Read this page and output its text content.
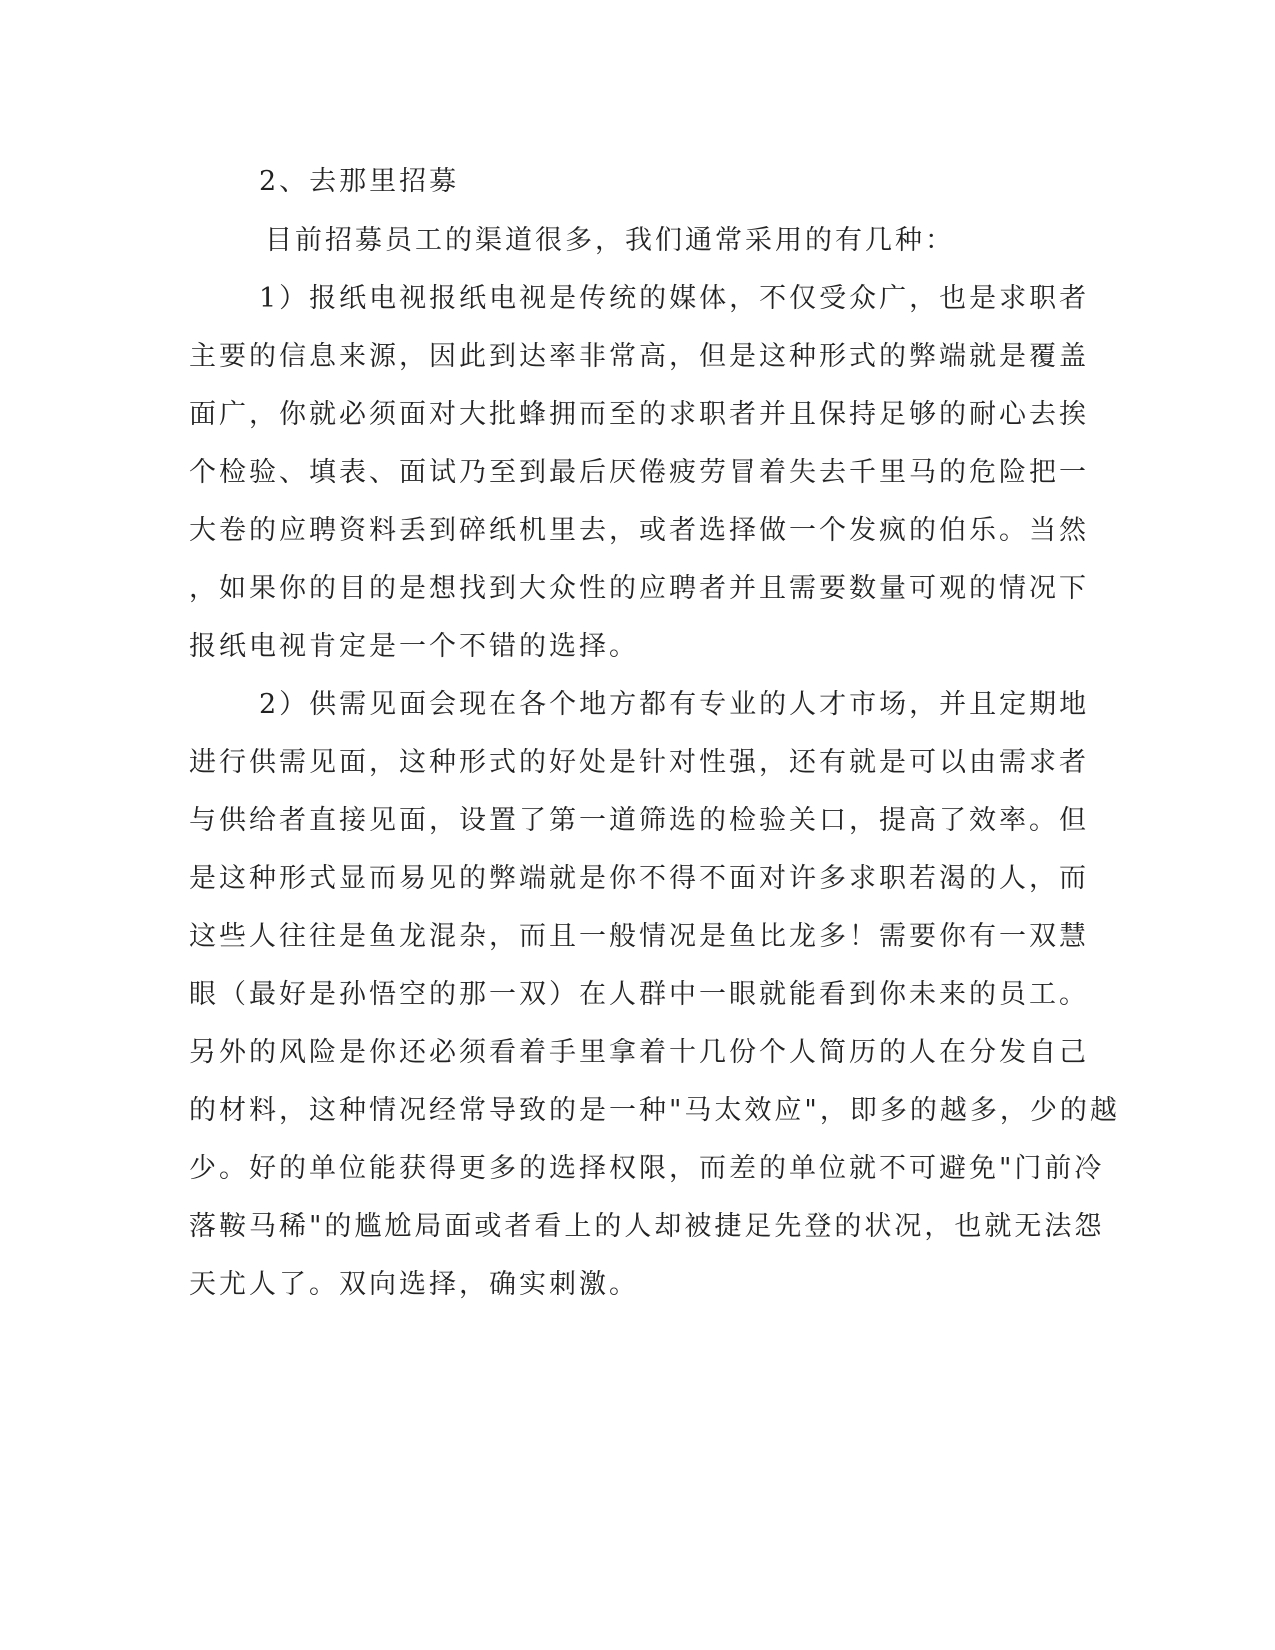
2、去那里招募
目前招募员工的渠道很多，我们通常采用的有几种：
1）报纸电视报纸电视是传统的媒体，不仅受众广，也是求职者
主要的信息来源，因此到达率非常高，但是这种形式的弊端就是覆盖
面广，你就必须面对大批蜂拥而至的求职者并且保持足够的耐心去挨
个检验、填表、面试乃至到最后厌倦疲劳冒着失去千里马的危险把一
大卷的应聘资料丢到碎纸机里去，或者选择做一个发疯的伯乐。当然
，如果你的目的是想找到大众性的应聘者并且需要数量可观的情况下
报纸电视肯定是一个不错的选择。
2）供需见面会现在各个地方都有专业的人才市场，并且定期地
进行供需见面，这种形式的好处是针对性强，还有就是可以由需求者
与供给者直接见面，设置了第一道筛选的检验关口，提高了效率。但
是这种形式显而易见的弊端就是你不得不面对许多求职若渴的人，而
这些人往往是鱼龙混杂，而且一般情况是鱼比龙多！需要你有一双慧
眼（最好是孙悟空的那一双）在人群中一眼就能看到你未来的员工。
另外的风险是你还必须看着手里拿着十几份个人简历的人在分发自己
的材料，这种情况经常导致的是一种"马太效应"，即多的越多，少的越
少。好的单位能获得更多的选择权限，而差的单位就不可避免"门前冷
落鞍马稀"的尴尬局面或者看上的人却被捷足先登的状况，也就无法怨
天尤人了。双向选择，确实刺激。
